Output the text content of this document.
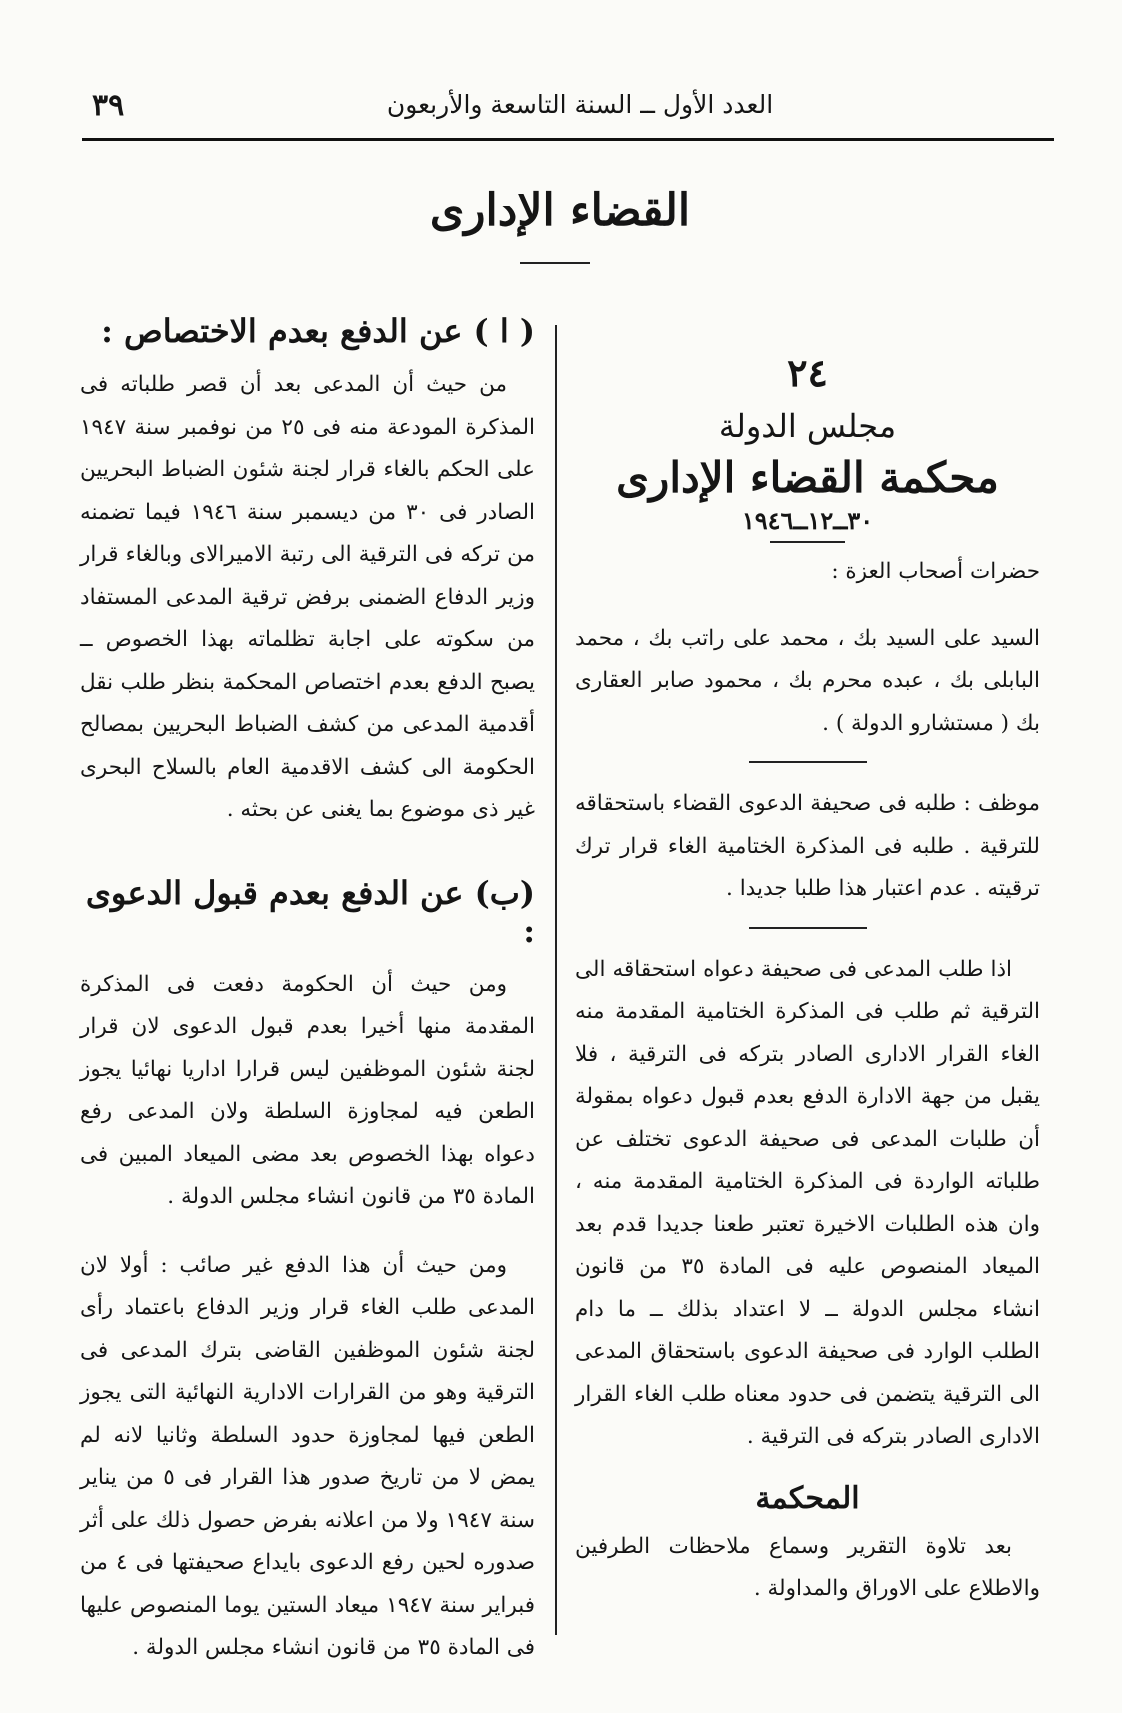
٣٩	العدد الأول ــ السنة التاسعة والأربعون
القضاء الإدارى
٢٤
مجلس الدولة
محكمة القضاء الإدارى
٣٠ــ١٢ــ١٩٤٦

حضرات أصحاب العزة :

السيد على السيد بك ، محمد على راتب بك ، محمد البابلى بك ، عبده محرم بك ، محمود صابر العقارى بك ( مستشارو الدولة ) .

موظف : طلبه فى صحيفة الدعوى القضاء باستحقاقه للترقية . طلبه فى المذكرة الختامية الغاء قرار ترك ترقيته . عدم اعتبار هذا طلبا جديدا .

اذا طلب المدعى فى صحيفة دعواه استحقاقه الى الترقية ثم طلب فى المذكرة الختامية المقدمة منه الغاء القرار الادارى الصادر بتركه فى الترقية ، فلا يقبل من جهة الادارة الدفع بعدم قبول دعواه بمقولة أن طلبات المدعى فى صحيفة الدعوى تختلف عن طلباته الواردة فى المذكرة الختامية المقدمة منه ، وان هذه الطلبات الاخيرة تعتبر طعنا جديدا قدم بعد الميعاد المنصوص عليه فى المادة ٣٥ من قانون انشاء مجلس الدولة ــ لا اعتداد بذلك ــ ما دام الطلب الوارد فى صحيفة الدعوى باستحقاق المدعى الى الترقية يتضمن فى حدود معناه طلب الغاء القرار الادارى الصادر بتركه فى الترقية .

المحكمة

بعد تلاوة التقرير وسماع ملاحظات الطرفين والاطلاع على الاوراق والمداولة .

( ا ) عن الدفع بعدم الاختصاص :

من حيث أن المدعى بعد أن قصر طلباته فى المذكرة المودعة منه فى ٢٥ من نوفمبر سنة ١٩٤٧ على الحكم بالغاء قرار لجنة شئون الضباط البحريين الصادر فى ٣٠ من ديسمبر سنة ١٩٤٦ فيما تضمنه من تركه فى الترقية الى رتبة الاميرالاى وبالغاء قرار وزير الدفاع الضمنى برفض ترقية المدعى المستفاد من سكوته على اجابة تظلماته بهذا الخصوص ــ يصبح الدفع بعدم اختصاص المحكمة بنظر طلب نقل أقدمية المدعى من كشف الضباط البحريين بمصالح الحكومة الى كشف الاقدمية العام بالسلاح البحرى غير ذى موضوع بما يغنى عن بحثه .

(ب) عن الدفع بعدم قبول الدعوى :

ومن حيث أن الحكومة دفعت فى المذكرة المقدمة منها أخيرا بعدم قبول الدعوى لان قرار لجنة شئون الموظفين ليس قرارا اداريا نهائيا يجوز الطعن فيه لمجاوزة السلطة ولان المدعى رفع دعواه بهذا الخصوص بعد مضى الميعاد المبين فى المادة ٣٥ من قانون انشاء مجلس الدولة .

ومن حيث أن هذا الدفع غير صائب : أولا لان المدعى طلب الغاء قرار وزير الدفاع باعتماد رأى لجنة شئون الموظفين القاضى بترك المدعى فى الترقية وهو من القرارات الادارية النهائية التى يجوز الطعن فيها لمجاوزة حدود السلطة وثانيا لانه لم يمض لا من تاريخ صدور هذا القرار فى ٥ من يناير سنة ١٩٤٧ ولا من اعلانه بفرض حصول ذلك على أثر صدوره لحين رفع الدعوى بايداع صحيفتها فى ٤ من فبراير سنة ١٩٤٧ ميعاد الستين يوما المنصوص عليها فى المادة ٣٥ من قانون انشاء مجلس الدولة .
